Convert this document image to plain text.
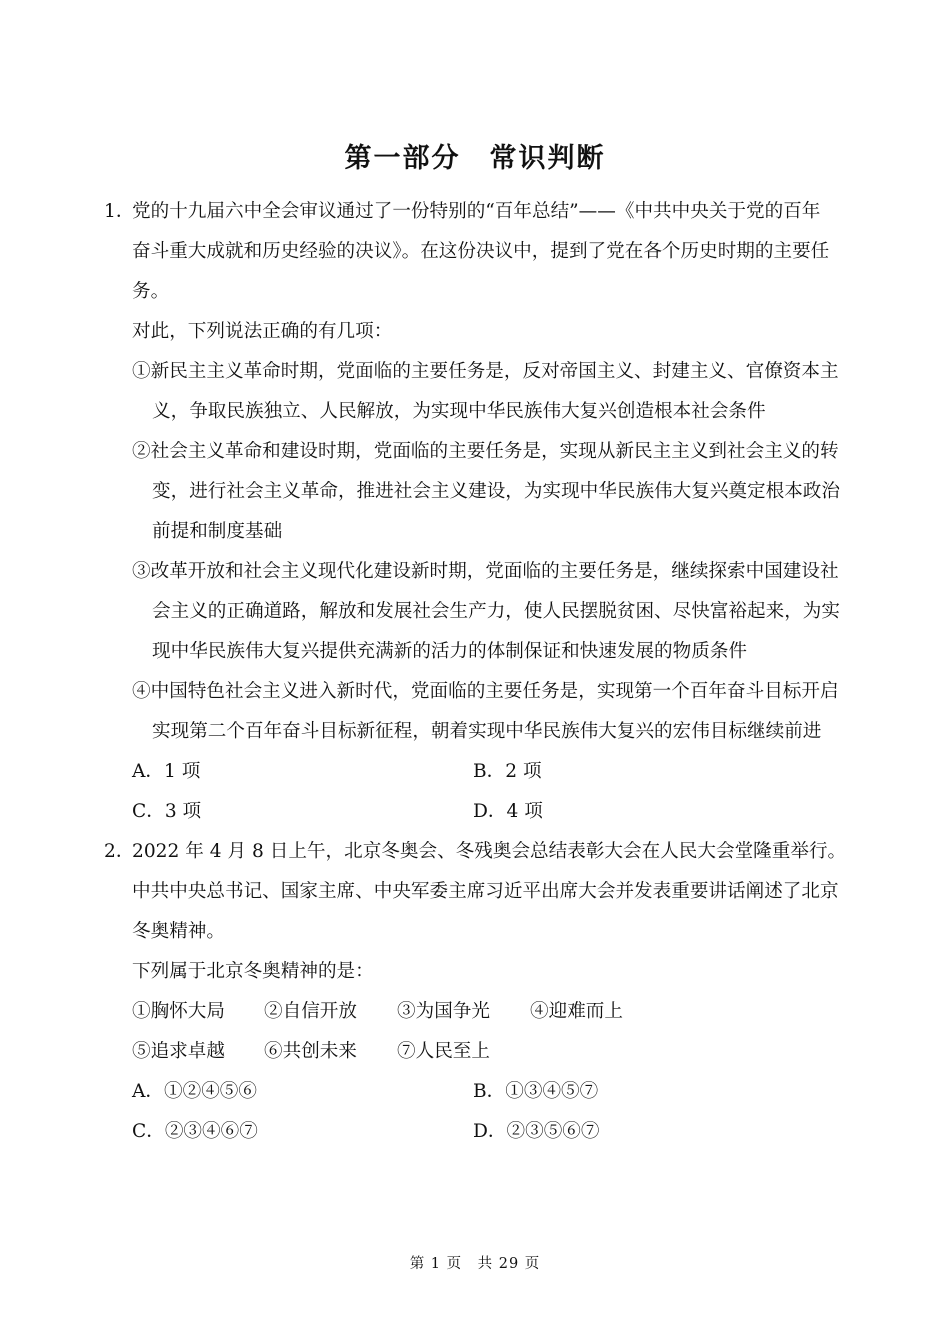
第一部分　常识判断
1．
党的十九届六中全会审议通过了一份特别的“百年总结”——《中共中央关于党的百年
奋斗重大成就和历史经验的决议》。在这份决议中，提到了党在各个历史时期的主要任
务。
对此，下列说法正确的有几项：
①新民主主义革命时期，党面临的主要任务是，反对帝国主义、封建主义、官僚资本主
义，争取民族独立、人民解放，为实现中华民族伟大复兴创造根本社会条件
②社会主义革命和建设时期，党面临的主要任务是，实现从新民主主义到社会主义的转
变，进行社会主义革命，推进社会主义建设，为实现中华民族伟大复兴奠定根本政治
前提和制度基础
③改革开放和社会主义现代化建设新时期，党面临的主要任务是，继续探索中国建设社
会主义的正确道路，解放和发展社会生产力，使人民摆脱贫困、尽快富裕起来，为实
现中华民族伟大复兴提供充满新的活力的体制保证和快速发展的物质条件
④中国特色社会主义进入新时代，党面临的主要任务是，实现第一个百年奋斗目标开启
实现第二个百年奋斗目标新征程，朝着实现中华民族伟大复兴的宏伟目标继续前进
A．1 项	B．2 项
C．3 项	D．4 项
2．
2022 年 4 月 8 日上午，北京冬奥会、冬残奥会总结表彰大会在人民大会堂隆重举行。
中共中央总书记、国家主席、中央军委主席习近平出席大会并发表重要讲话阐述了北京
冬奥精神。
下列属于北京冬奥精神的是：
①胸怀大局 ②自信开放 ③为国争光 ④迎难而上
⑤追求卓越 ⑥共创未来 ⑦人民至上
A．①②④⑤⑥	B．①③④⑤⑦
C．②③④⑥⑦	D．②③⑤⑥⑦
第 1 页　共 29 页
